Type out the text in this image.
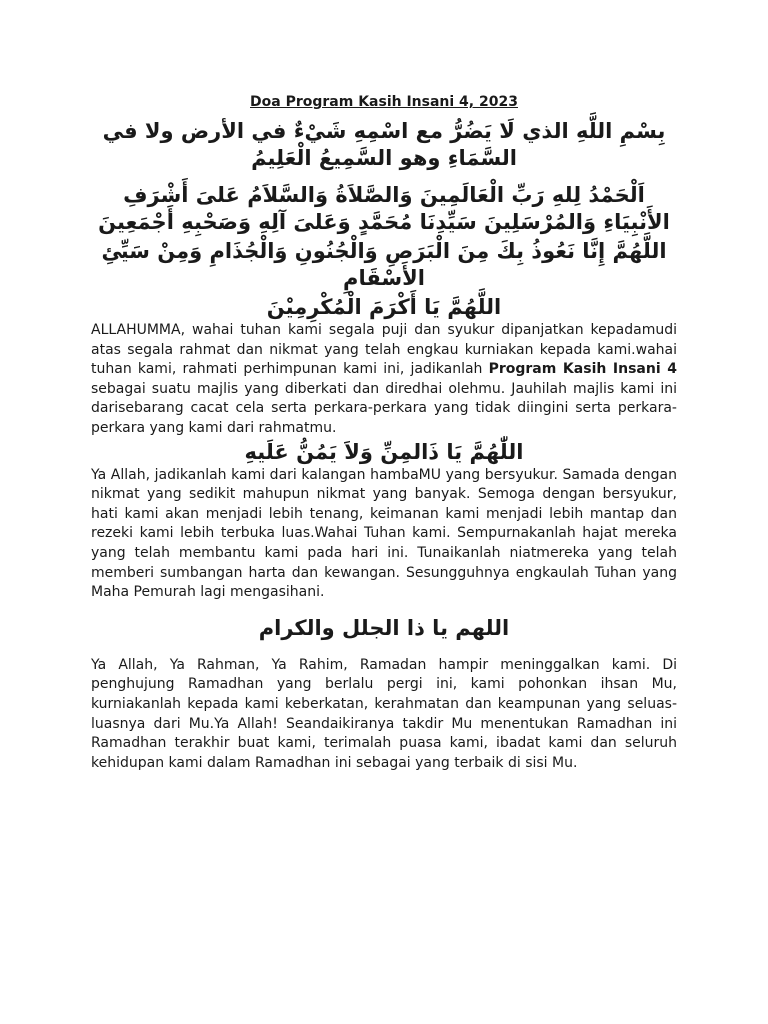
Doa Program Kasih Insani 4, 2023

بِسْمِ اللَّهِ الذي لَا يَضُرُّ مع اسْمِهِ شَيْءٌ في الأرض ولا في السَّمَاءِ وهو السَّمِيعُ الْعَلِيمُ

اَلْحَمْدُ لِلهِ رَبِّ الْعَالَمِينَ وَالصَّلاَةُ وَالسَّلاَمُ عَلىَ أَشْرَفِ الأَنْبِيَاءِ وَالمُرْسَلِينَ سَيِّدِنَا مُحَمَّدٍ وَعَلىَ آلِهِ وَصَحْبِهِ أَجْمَعِينَ

اللَّهُمَّ إِنَّا نَعُوذُ بِكَ مِنَ الْبَرَصِ وَالْجُنُونِ وَالْجُذَامِ وَمِنْ سَيِّئِ الأَسْقَامِ

اللَّهُمَّ يَا أَكْرَمَ الْمُكْرِمِيْنَ

ALLAHUMMA, wahai tuhan kami segala puji dan syukur dipanjatkan kepadamudi atas segala rahmat dan nikmat yang telah engkau kurniakan kepada kami.wahai tuhan kami, rahmati perhimpunan kami ini, jadikanlah Program Kasih Insani 4 sebagai suatu majlis yang diberkati dan diredhai olehmu. Jauhilah majlis kami ini darisebarang cacat cela serta perkara-perkara yang tidak diingini serta perkara-perkara yang kami dari rahmatmu.

اللّٰهُمَّ يَا ذَالمِنِّ وَلاَ يَمُنُّ عَلَيهِ

Ya Allah, jadikanlah kami dari kalangan hambaMU yang bersyukur. Samada dengan nikmat yang sedikit mahupun nikmat yang banyak. Semoga dengan bersyukur, hati kami akan menjadi lebih tenang, keimanan kami menjadi lebih mantap dan rezeki kami lebih terbuka luas.Wahai Tuhan kami. Sempurnakanlah hajat mereka yang telah membantu kami pada hari ini. Tunaikanlah niatmereka yang telah memberi sumbangan harta dan kewangan. Sesungguhnya engkaulah Tuhan yang Maha Pemurah lagi mengasihani.

اللهم يا ذا الجلل والكرام

Ya Allah, Ya Rahman, Ya Rahim, Ramadan hampir meninggalkan kami. Di penghujung Ramadhan yang berlalu pergi ini, kami pohonkan ihsan Mu, kurniakanlah kepada kami keberkatan, kerahmatan dan keampunan yang seluas-luasnya dari Mu.Ya Allah! Seandaikiranya takdir Mu menentukan Ramadhan ini Ramadhan terakhir buat kami, terimalah puasa kami, ibadat kami dan seluruh kehidupan kami dalam Ramadhan ini sebagai yang terbaik di sisi Mu.
